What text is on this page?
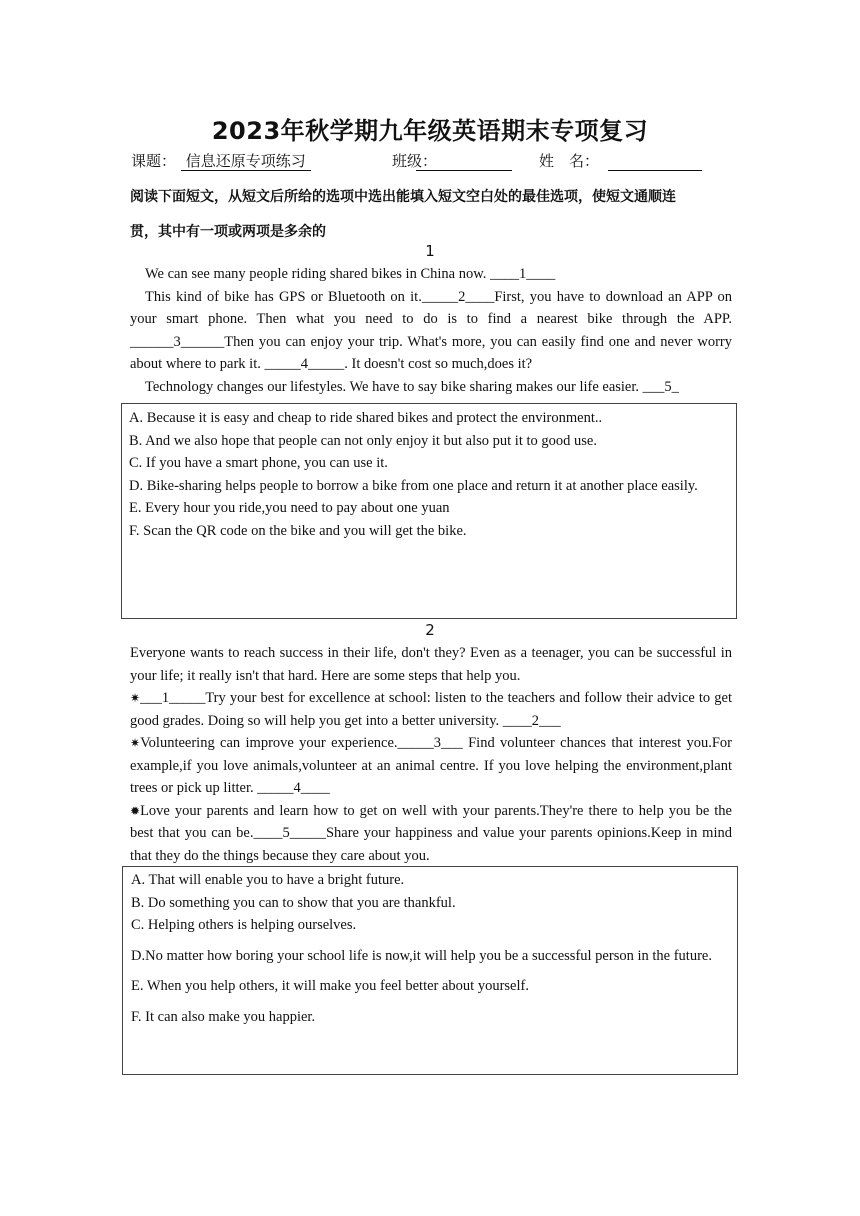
2023年秋学期九年级英语期末专项复习
课题： 信息还原专项练习	班级：	姓　名：
阅读下面短文，从短文后所给的选项中选出能填入短文空白处的最佳选项，使短文通顺连
贯，其中有一项或两项是多余的
1

We can see many people riding shared bikes in China now. ____1____

This kind of bike has GPS or Bluetooth on it._____2____First, you have to download an APP on your smart phone. Then what you need to do is to find a nearest bike through the APP. ______3______Then you can enjoy your trip. What's more, you can easily find one and never worry about where to park it. _____4_____. It doesn't cost so much,does it?

Technology changes our lifestyles. We have to say bike sharing makes our life easier. ___5_

A. Because it is easy and cheap to ride shared bikes and protect the environment..
B. And we also hope that people can not only enjoy it but also put it to good use.
C. If you have a smart phone, you can use it.
D. Bike-sharing helps people to borrow a bike from one place and return it at another place easily.
E. Every hour you ride,you need to pay about one yuan
F. Scan the QR code on the bike and you will get the bike.
2

Everyone wants to reach success in their life, don't they? Even as a teenager, you can be successful in your life; it really isn't that hard. Here are some steps that help you.

✷___1_____Try your best for excellence at school: listen to the teachers and follow their advice to get good grades. Doing so will help you get into a better university. ____2___

✷Volunteering can improve your experience._____3___ Find volunteer chances that interest you.For example,if you love animals,volunteer at an animal centre. If you love helping the environment,plant trees or pick up litter. _____4____

✹Love your parents and learn how to get on well with your parents.They're there to help you be the best that you can be.____5_____Share your happiness and value your parents opinions.Keep in mind that they do the things because they care about you.

A. That will enable you to have a bright future.
B. Do something you can to show that you are thankful.
C. Helping others is helping ourselves.
D.No matter how boring your school life is now,it will help you be a successful person in the future.
E. When you help others, it will make you feel better about yourself.
F. It can also make you happier.
